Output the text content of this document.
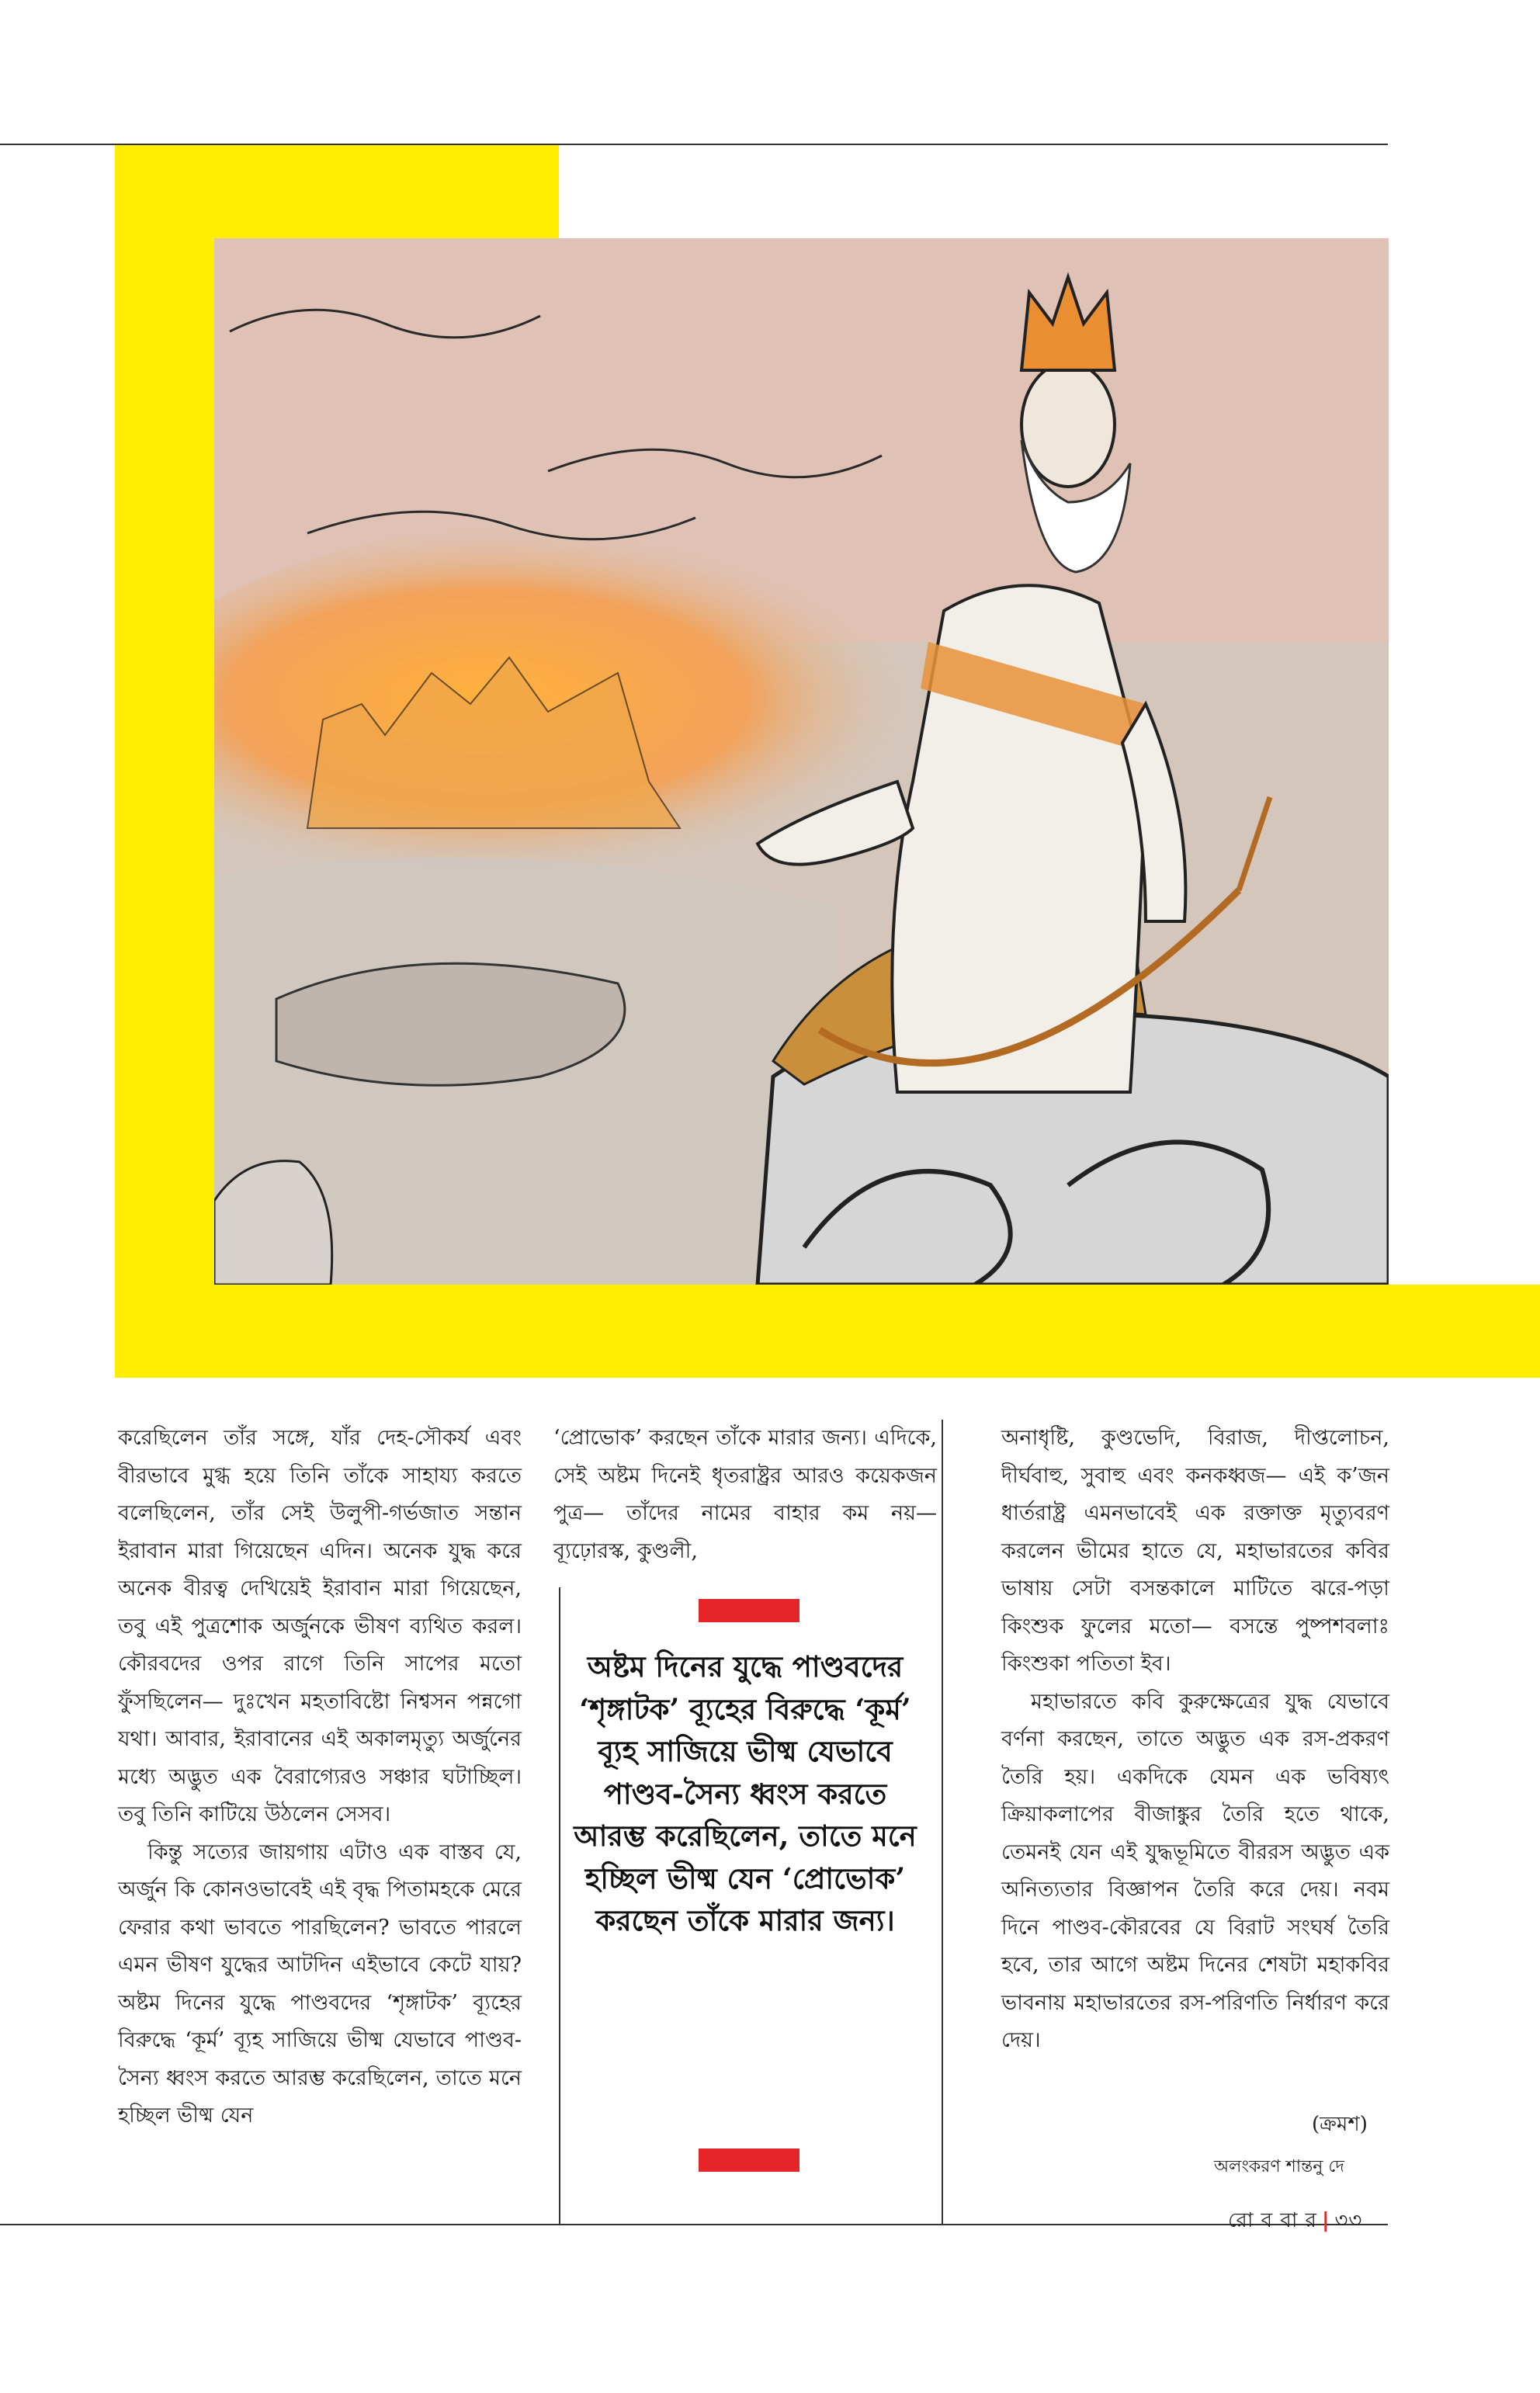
করেছিলেন তাঁর সঙ্গে, যাঁর দেহ-সৌকর্য এবং বীরভাবে মুগ্ধ হয়ে তিনি তাঁকে সাহায্য করতে বলেছিলেন, তাঁর সেই উলুপী-গর্ভজাত সন্তান ইরাবান মারা গিয়েছেন এদিন। অনেক যুদ্ধ করে অনেক বীরত্ব দেখিয়েই ইরাবান মারা গিয়েছেন, তবু এই পুত্রশোক অর্জুনকে ভীষণ ব্যথিত করল। কৌরবদের ওপর রাগে তিনি সাপের মতো ফুঁসছিলেন— দুঃখেন মহতাবিষ্টো নিশ্বসন পন্নগো যথা। আবার, ইরাবানের এই অকালমৃত্যু অর্জুনের মধ্যে অদ্ভুত এক বৈরাগ্যেরও সঞ্চার ঘটাচ্ছিল। তবু তিনি কাটিয়ে উঠলেন সেসব।

কিন্তু সত্যের জায়গায় এটাও এক বাস্তব যে, অর্জুন কি কোনওভাবেই এই বৃদ্ধ পিতামহকে মেরে ফেরার কথা ভাবতে পারছিলেন? ভাবতে পারলে এমন ভীষণ যুদ্ধের আটদিন এইভাবে কেটে যায়? অষ্টম দিনের যুদ্ধে পাণ্ডবদের ‘শৃঙ্গাটক’ ব্যূহের বিরুদ্ধে ‘কূর্ম’ ব্যূহ সাজিয়ে ভীষ্ম যেভাবে পাণ্ডব-সৈন্য ধ্বংস করতে আরম্ভ করেছিলেন, তাতে মনে হচ্ছিল ভীষ্ম যেন

‘প্রোভোক’ করছেন তাঁকে মারার জন্য। এদিকে, সেই অষ্টম দিনেই ধৃতরাষ্ট্রর আরও কয়েকজন পুত্র— তাঁদের নামের বাহার কম নয়— ব্যূঢ়োরস্ক, কুণ্ডলী,

অনাধৃষ্টি, কুণ্ডভেদি, বিরাজ, দীপ্তলোচন, দীর্ঘবাহু, সুবাহু এবং কনকধ্বজ— এই ক’জন ধার্তরাষ্ট্র এমনভাবেই এক রক্তাক্ত মৃত্যুবরণ করলেন ভীমের হাতে যে, মহাভারতের কবির ভাষায় সেটা বসন্তকালে মাটিতে ঝরে-পড়া কিংশুক ফুলের মতো— বসন্তে পুষ্পশবলাঃ কিংশুকা পতিতা ইব।

মহাভারতে কবি কুরুক্ষেত্রের যুদ্ধ যেভাবে বর্ণনা করছেন, তাতে অদ্ভুত এক রস-প্রকরণ তৈরি হয়। একদিকে যেমন এক ভবিষ্যৎ ক্রিয়াকলাপের বীজাঙ্কুর তৈরি হতে থাকে, তেমনই যেন এই যুদ্ধভূমিতে বীররস অদ্ভুত এক অনিত্যতার বিজ্ঞাপন তৈরি করে দেয়। নবম দিনে পাণ্ডব-কৌরবের যে বিরাট সংঘর্ষ তৈরি হবে, তার আগে অষ্টম দিনের শেষটা মহাকবির ভাবনায় মহাভারতের রস-পরিণতি নির্ধারণ করে দেয়।

অষ্টম দিনের যুদ্ধে পাণ্ডবদের ‘শৃঙ্গাটক’ ব্যূহের বিরুদ্ধে ‘কূর্ম’ ব্যূহ সাজিয়ে ভীষ্ম যেভাবে পাণ্ডব-সৈন্য ধ্বংস করতে আরম্ভ করেছিলেন, তাতে মনে হচ্ছিল ভীষ্ম যেন ‘প্রোভোক’ করছেন তাঁকে মারার জন্য।
(ক্রমশ)
অলংকরণ শান্তনু দে
রো ব বা র | ৩৩
